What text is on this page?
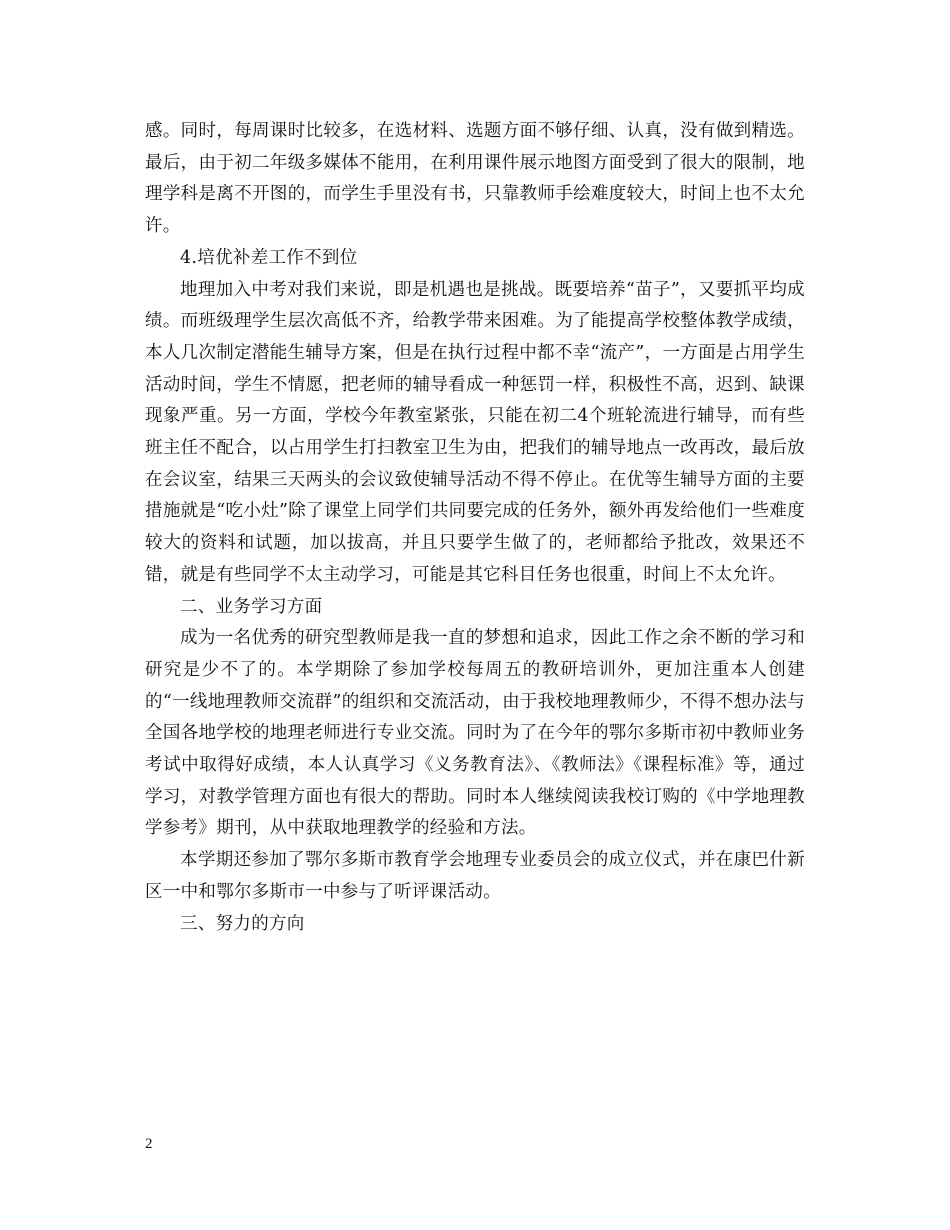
感。同时，每周课时比较多，在选材料、选题方面不够仔细、认真，没有做到精选。最后，由于初二年级多媒体不能用，在利用课件展示地图方面受到了很大的限制，地理学科是离不开图的，而学生手里没有书，只靠教师手绘难度较大，时间上也不太允许。

4.培优补差工作不到位

地理加入中考对我们来说，即是机遇也是挑战。既要培养“苗子”，又要抓平均成绩。而班级理学生层次高低不齐，给教学带来困难。为了能提高学校整体教学成绩，本人几次制定潜能生辅导方案，但是在执行过程中都不幸“流产”，一方面是占用学生活动时间，学生不情愿，把老师的辅导看成一种惩罚一样，积极性不高，迟到、缺课现象严重。另一方面，学校今年教室紧张，只能在初二4个班轮流进行辅导，而有些班主任不配合，以占用学生打扫教室卫生为由，把我们的辅导地点一改再改，最后放在会议室，结果三天两头的会议致使辅导活动不得不停止。在优等生辅导方面的主要措施就是“吃小灶”除了课堂上同学们共同要完成的任务外，额外再发给他们一些难度较大的资料和试题，加以拔高，并且只要学生做了的，老师都给予批改，效果还不错，就是有些同学不太主动学习，可能是其它科目任务也很重，时间上不太允许。

二、业务学习方面

成为一名优秀的研究型教师是我一直的梦想和追求，因此工作之余不断的学习和研究是少不了的。本学期除了参加学校每周五的教研培训外，更加注重本人创建的“一线地理教师交流群”的组织和交流活动，由于我校地理教师少，不得不想办法与全国各地学校的地理老师进行专业交流。同时为了在今年的鄂尔多斯市初中教师业务考试中取得好成绩，本人认真学习《义务教育法》、《教师法》《课程标准》等，通过学习，对教学管理方面也有很大的帮助。同时本人继续阅读我校订购的《中学地理教学参考》期刊，从中获取地理教学的经验和方法。

本学期还参加了鄂尔多斯市教育学会地理专业委员会的成立仪式，并在康巴什新区一中和鄂尔多斯市一中参与了听评课活动。

三、努力的方向

2
